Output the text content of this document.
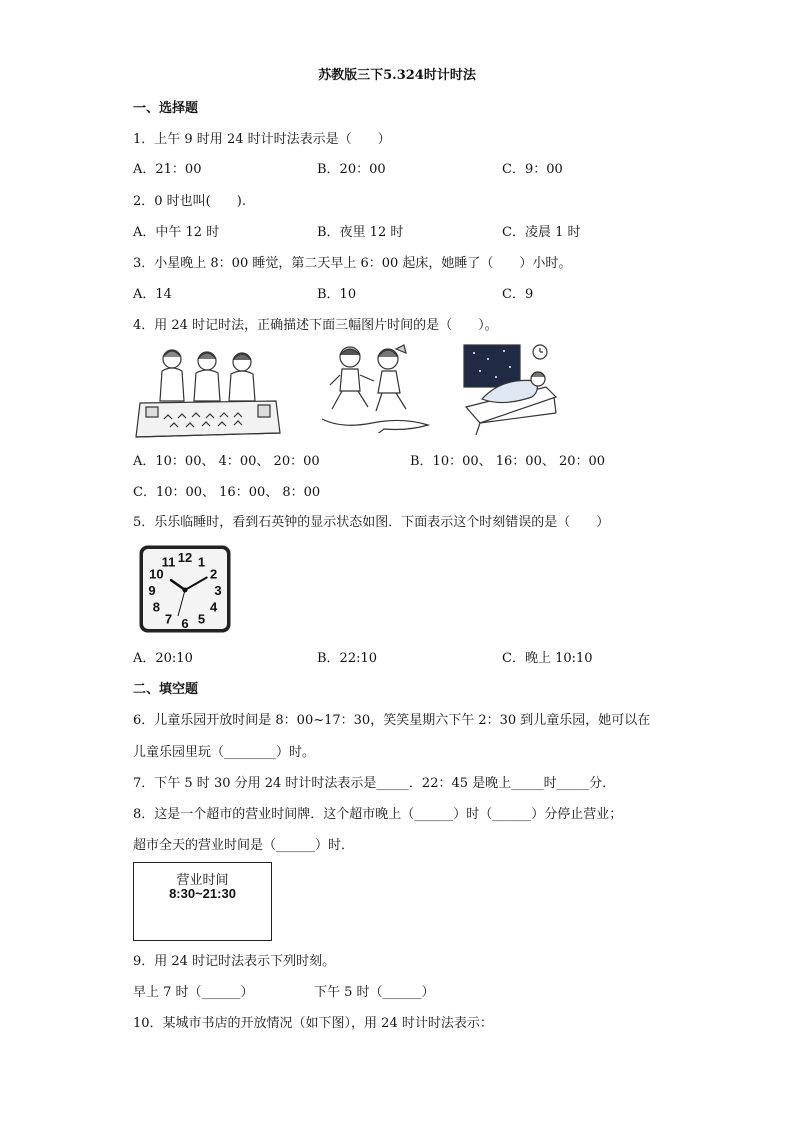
苏教版三下5.324时计时法
一、选择题
1．上午 9 时用 24 时计时法表示是（　　）
A．21：00	B．20：00	C．9：00
2．0 时也叫(　　).
A．中午 12 时	B．夜里 12 时	C．凌晨 1 时
3．小星晚上 8：00 睡觉，第二天早上 6：00 起床，她睡了（　　）小时。
A．14	B．10	C．9
4．用 24 时记时法，正确描述下面三幅图片时间的是（　　）。
A．10：00、 4：00、 20：00	B．10：00、 16：00、 20：00
C．10：00、 16：00、 8：00
5．乐乐临睡时，看到石英钟的显示状态如图．下面表示这个时刻错误的是（　　）
12 1
2
3
4
5
6
7
8
9
10
11
A．20:10	B．22:10	C．晚上 10:10
二、填空题
6．儿童乐园开放时间是 8：00~17：30，笑笑星期六下午 2：30 到儿童乐园，她可以在
儿童乐园里玩（________）时。
7．下午 5 时 30 分用 24 时计时法表示是_____．22：45 是晚上_____时_____分．
8．这是一个超市的营业时间牌．这个超市晚上（______）时（______）分停止营业；
超市全天的营业时间是（______）时．
营业时间
8:30~21:30
9．用 24 时记时法表示下列时刻。
早上 7 时（______）	下午 5 时（______）
10．某城市书店的开放情况（如下图），用 24 时计时法表示：
